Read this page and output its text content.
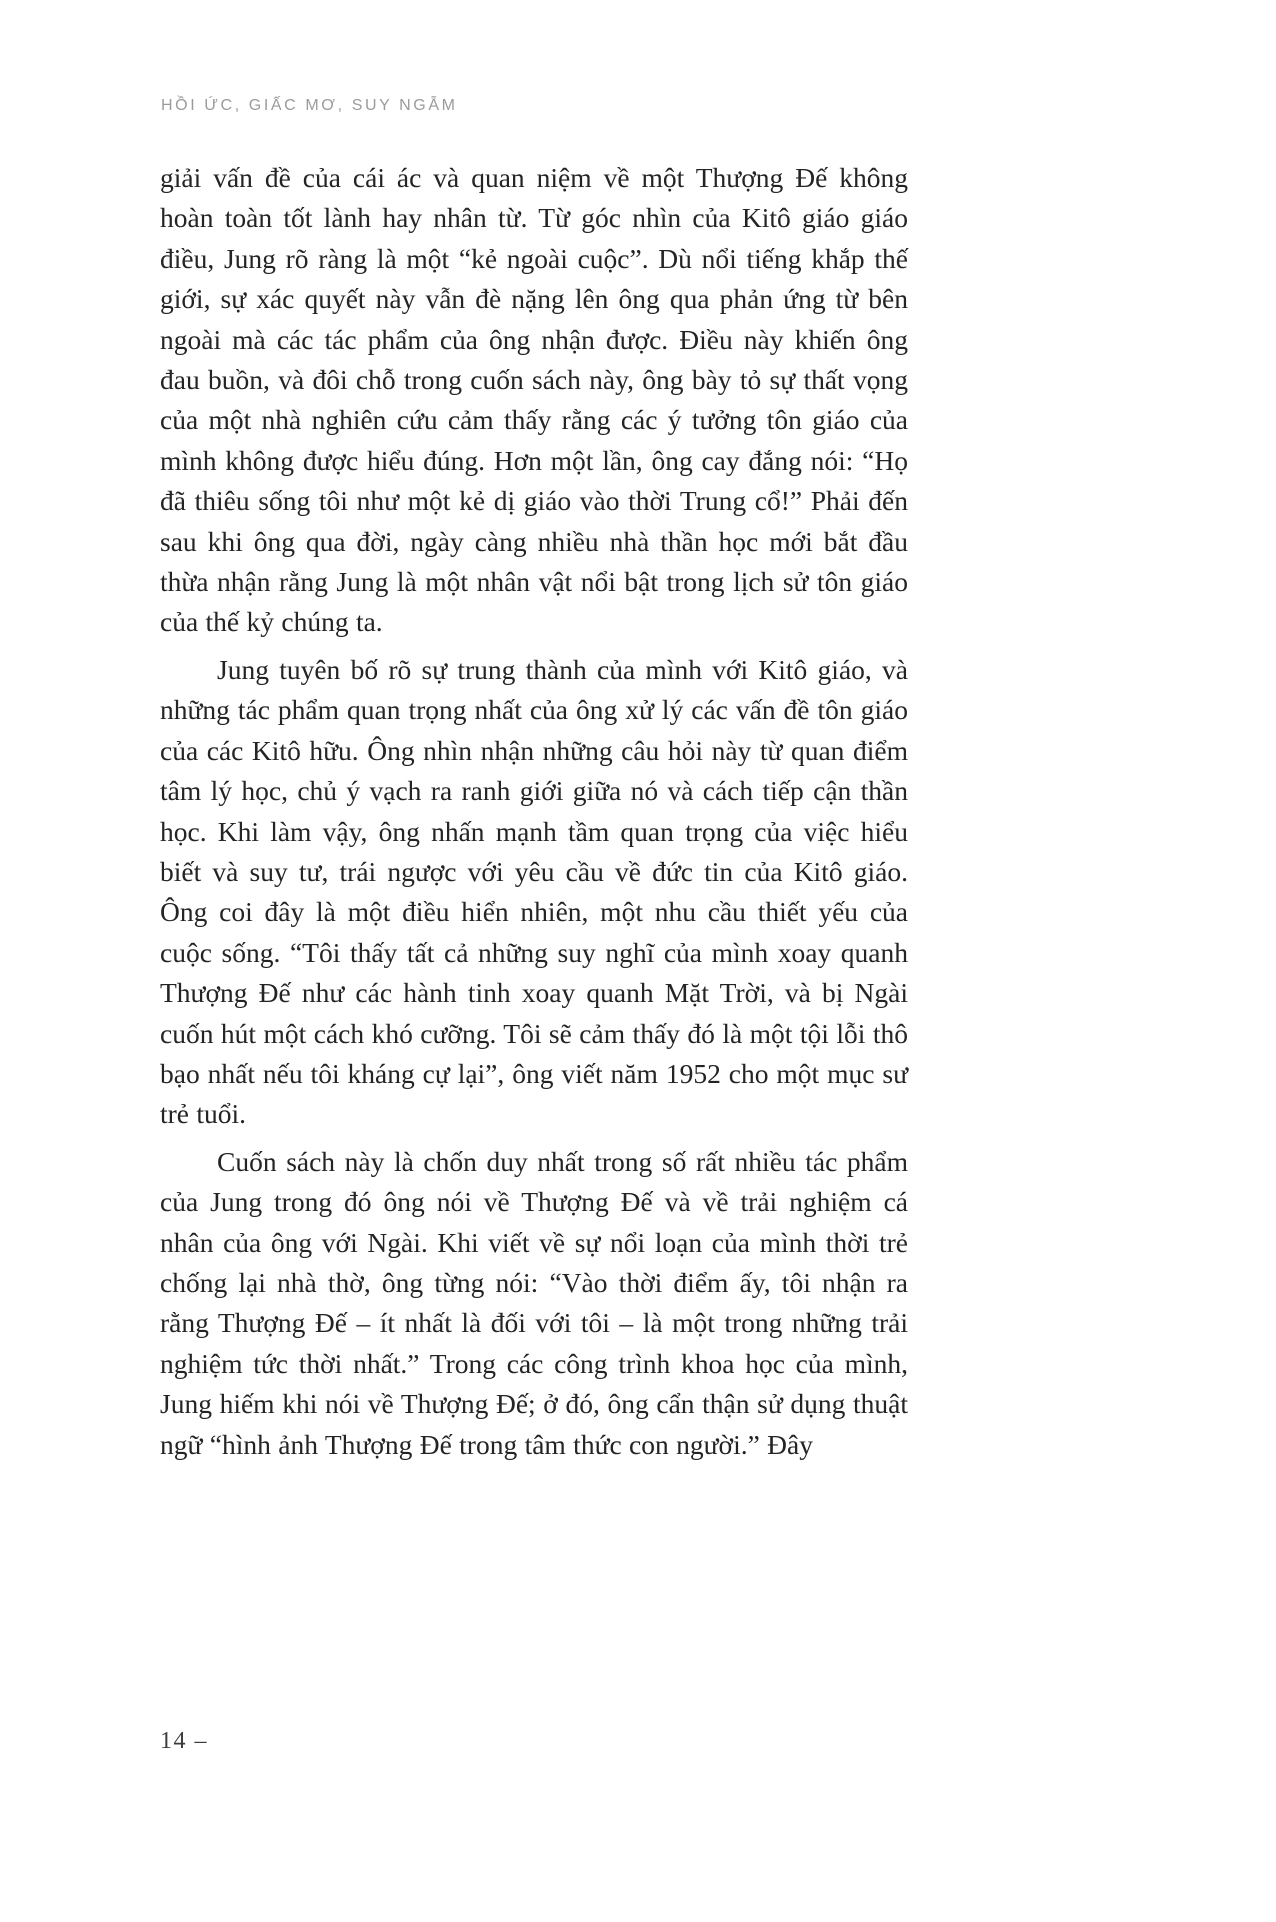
HỒI ỨC, GIẤC MƠ, SUY NGẪM

giải vấn đề của cái ác và quan niệm về một Thượng Đế không hoàn toàn tốt lành hay nhân từ. Từ góc nhìn của Kitô giáo giáo điều, Jung rõ ràng là một “kẻ ngoài cuộc”. Dù nổi tiếng khắp thế giới, sự xác quyết này vẫn đè nặng lên ông qua phản ứng từ bên ngoài mà các tác phẩm của ông nhận được. Điều này khiến ông đau buồn, và đôi chỗ trong cuốn sách này, ông bày tỏ sự thất vọng của một nhà nghiên cứu cảm thấy rằng các ý tưởng tôn giáo của mình không được hiểu đúng. Hơn một lần, ông cay đắng nói: “Họ đã thiêu sống tôi như một kẻ dị giáo vào thời Trung cổ!” Phải đến sau khi ông qua đời, ngày càng nhiều nhà thần học mới bắt đầu thừa nhận rằng Jung là một nhân vật nổi bật trong lịch sử tôn giáo của thế kỷ chúng ta.

Jung tuyên bố rõ sự trung thành của mình với Kitô giáo, và những tác phẩm quan trọng nhất của ông xử lý các vấn đề tôn giáo của các Kitô hữu. Ông nhìn nhận những câu hỏi này từ quan điểm tâm lý học, chủ ý vạch ra ranh giới giữa nó và cách tiếp cận thần học. Khi làm vậy, ông nhấn mạnh tầm quan trọng của việc hiểu biết và suy tư, trái ngược với yêu cầu về đức tin của Kitô giáo. Ông coi đây là một điều hiển nhiên, một nhu cầu thiết yếu của cuộc sống. “Tôi thấy tất cả những suy nghĩ của mình xoay quanh Thượng Đế như các hành tinh xoay quanh Mặt Trời, và bị Ngài cuốn hút một cách khó cưỡng. Tôi sẽ cảm thấy đó là một tội lỗi thô bạo nhất nếu tôi kháng cự lại”, ông viết năm 1952 cho một mục sư trẻ tuổi.

Cuốn sách này là chốn duy nhất trong số rất nhiều tác phẩm của Jung trong đó ông nói về Thượng Đế và về trải nghiệm cá nhân của ông với Ngài. Khi viết về sự nổi loạn của mình thời trẻ chống lại nhà thờ, ông từng nói: “Vào thời điểm ấy, tôi nhận ra rằng Thượng Đế – ít nhất là đối với tôi – là một trong những trải nghiệm tức thời nhất.” Trong các công trình khoa học của mình, Jung hiếm khi nói về Thượng Đế; ở đó, ông cẩn thận sử dụng thuật ngữ “hình ảnh Thượng Đế trong tâm thức con người.” Đây

14 –
